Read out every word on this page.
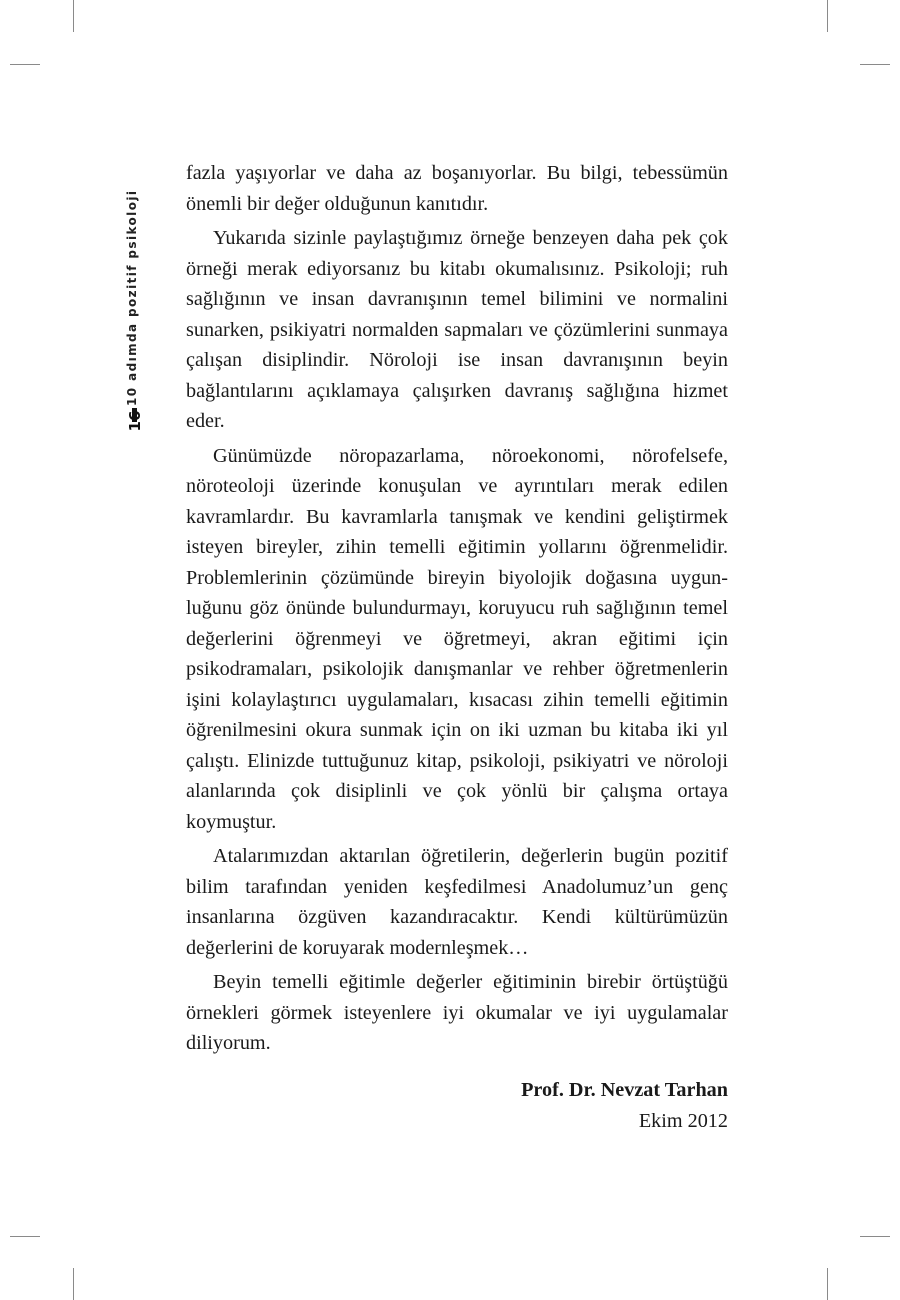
10 adımda pozitif psikoloji
16

fazla yaşıyorlar ve daha az boşanıyorlar. Bu bilgi, tebessümün önemli bir değer olduğunun kanıtıdır.

Yukarıda sizinle paylaştığımız örneğe benzeyen daha pek çok örneği merak ediyorsanız bu kitabı okumalısınız. Psikoloji; ruh sağlığının ve insan davranışının temel bilimini ve normalini sunarken, psikiyatri normalden sapmaları ve çözümlerini sunmaya çalışan disiplindir. Nöroloji ise insan davranışının beyin bağlantılarını açıklamaya çalışırken davranış sağlığına hizmet eder.

Günümüzde nöropazarlama, nöroekonomi, nörofelsefe, nöroteoloji üzerinde konuşulan ve ayrıntıları merak edilen kavramlardır. Bu kavramlarla tanışmak ve kendini geliştirmek isteyen bireyler, zihin temelli eğitimin yollarını öğrenmelidir. Problemlerinin çözümünde bireyin biyolojik doğasına uygunluğunu göz önünde bulundurmayı, koruyucu ruh sağlığının temel değerlerini öğrenmeyi ve öğretmeyi, akran eğitimi için psikodramaları, psikolojik danışmanlar ve rehber öğretmenlerin işini kolaylaştırıcı uygulamaları, kısacası zihin temelli eğitimin öğrenilmesini okura sunmak için on iki uzman bu kitaba iki yıl çalıştı. Elinizde tuttuğunuz kitap, psikoloji, psikiyatri ve nöroloji alanlarında çok disiplinli ve çok yönlü bir çalışma ortaya koymuştur.

Atalarımızdan aktarılan öğretilerin, değerlerin bugün pozitif bilim tarafından yeniden keşfedilmesi Anadolumuz’un genç insanlarına özgüven kazandıracaktır. Kendi kültürümüzün değerlerini de koruyarak modernleşmek…

Beyin temelli eğitimle değerler eğitiminin birebir örtüştüğü örnekleri görmek isteyenlere iyi okumalar ve iyi uygulamalar diliyorum.

Prof. Dr. Nevzat Tarhan
Ekim 2012
